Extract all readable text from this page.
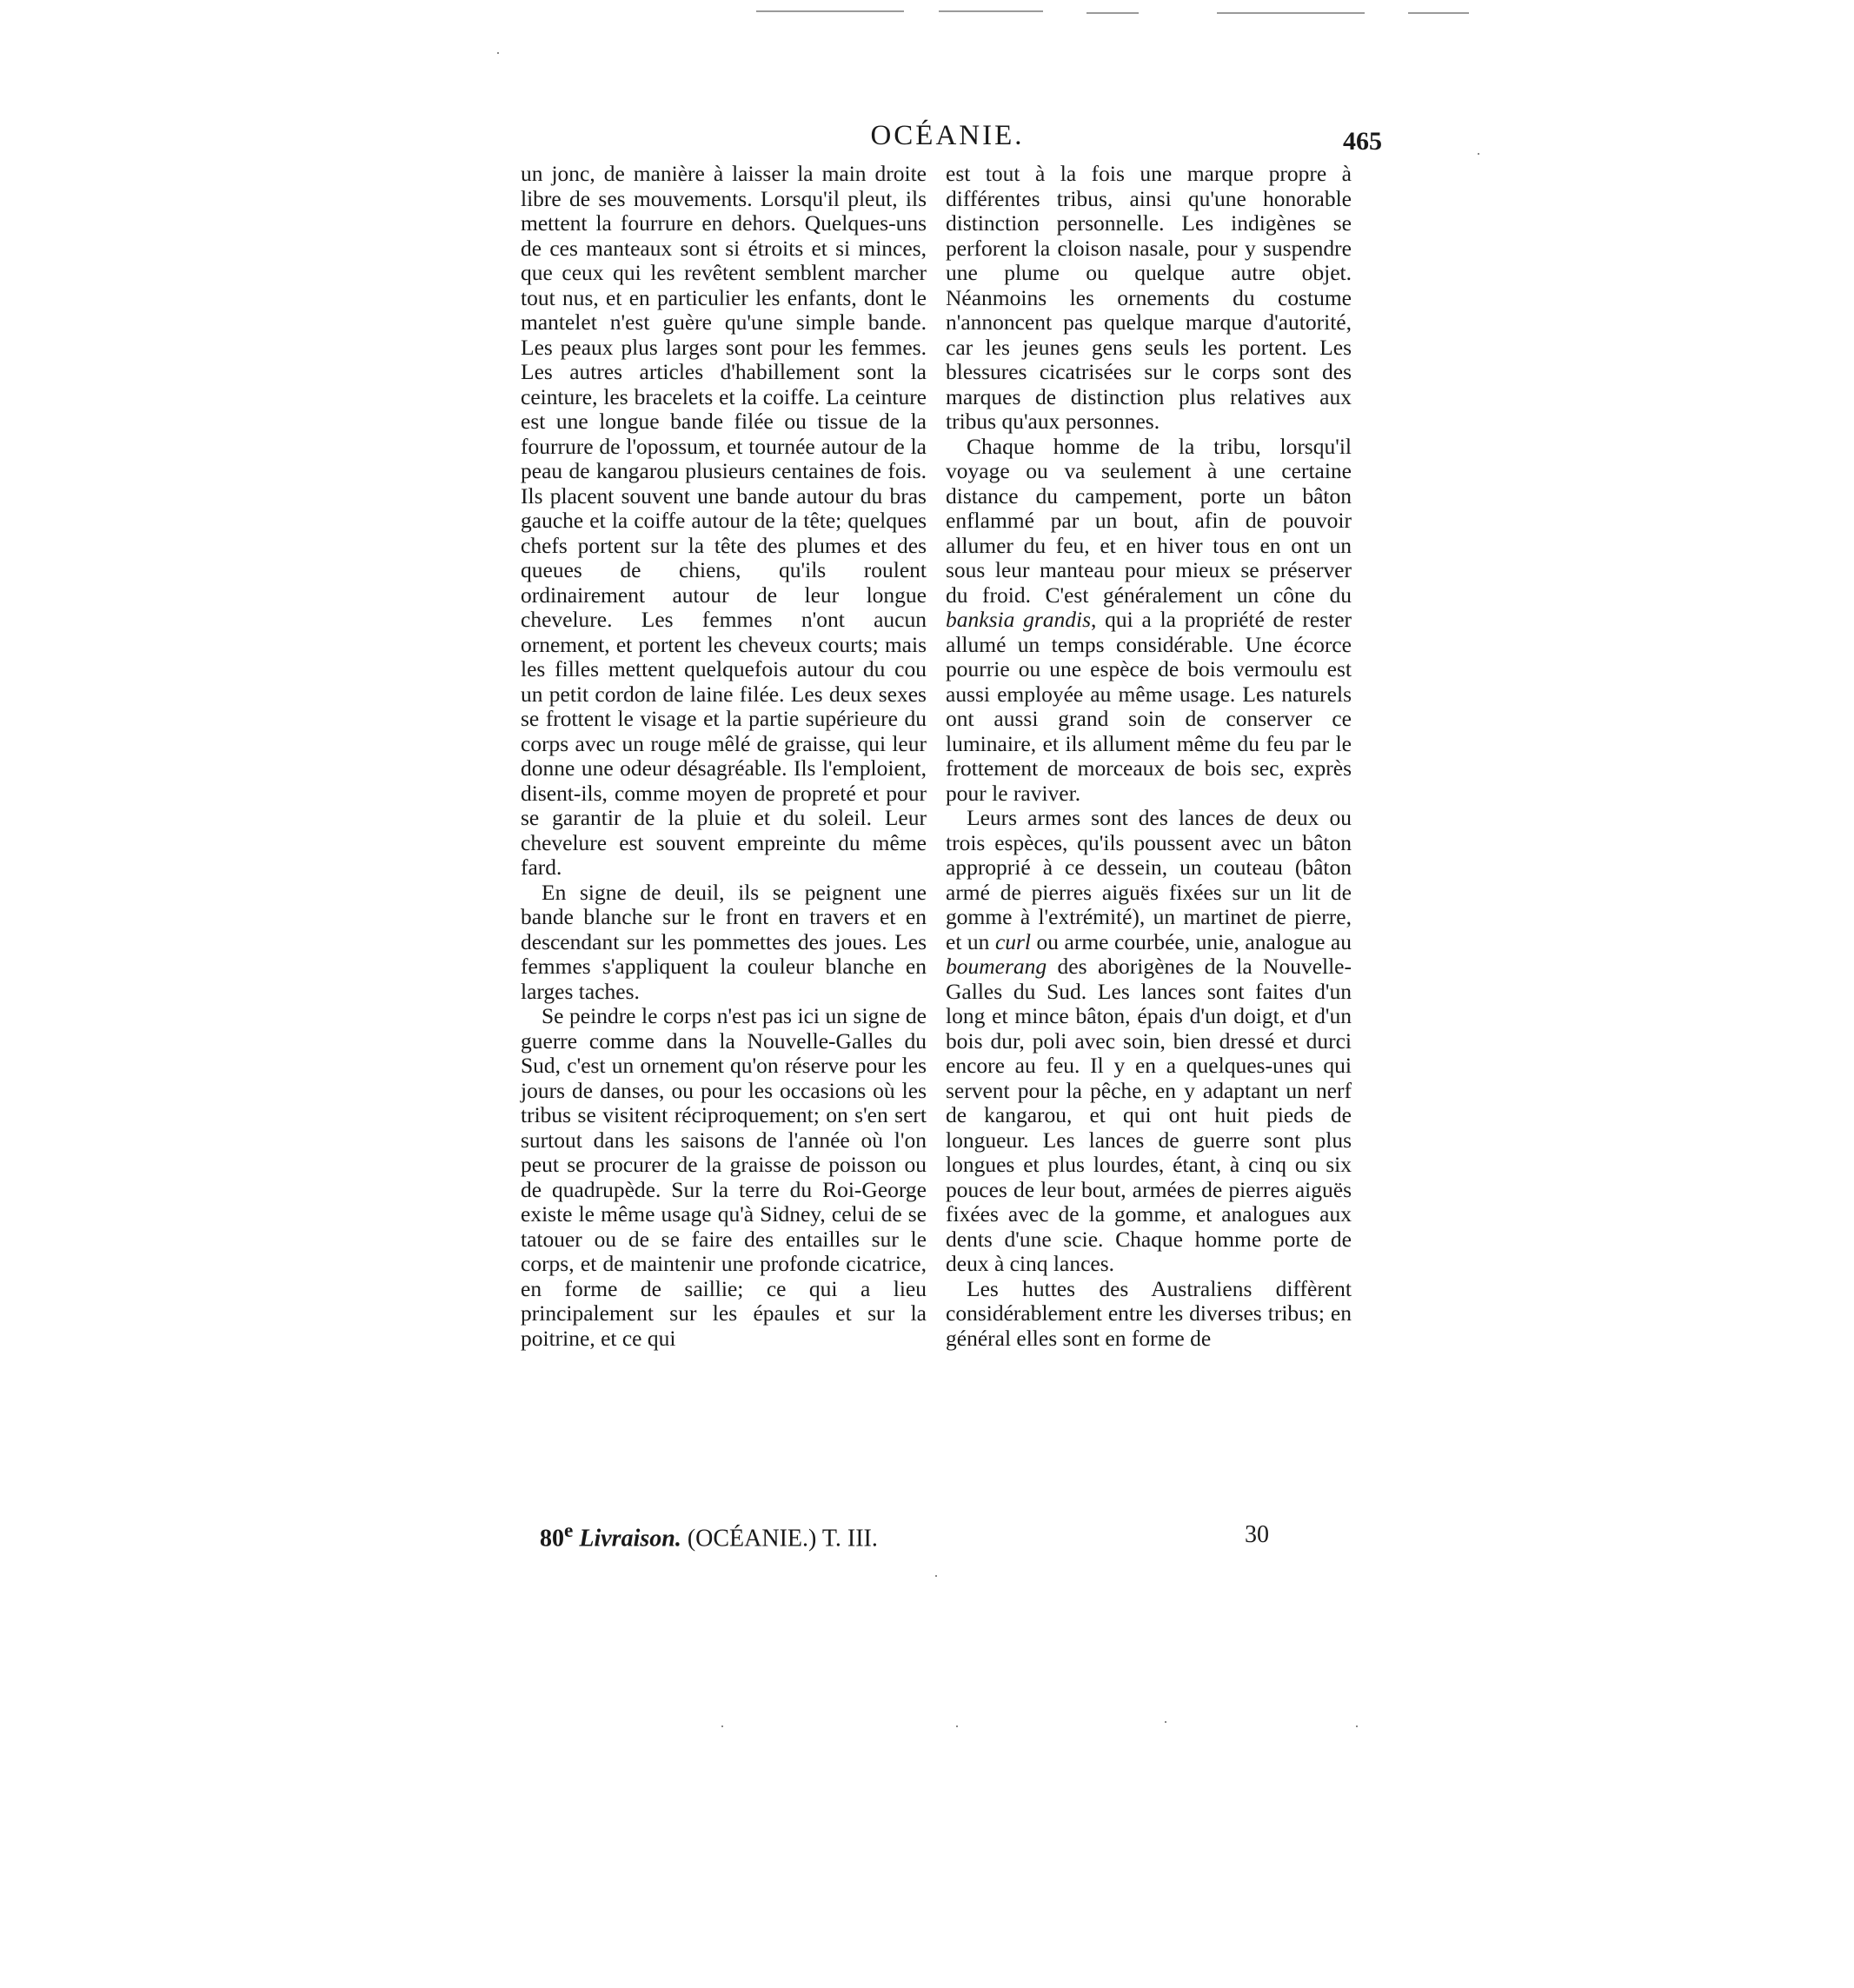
OCÉANIE.	465

un jonc, de manière à laisser la main droite libre de ses mouvements. Lorsqu'il pleut, ils mettent la fourrure en dehors. Quelques-uns de ces manteaux sont si étroits et si minces, que ceux qui les revêtent semblent marcher tout nus, et en particulier les enfants, dont le mantelet n'est guère qu'une simple bande. Les peaux plus larges sont pour les femmes. Les autres articles d'habillement sont la ceinture, les bracelets et la coiffe. La ceinture est une longue bande filée ou tissue de la fourrure de l'opossum, et tournée autour de la peau de kangarou plusieurs centaines de fois. Ils placent souvent une bande autour du bras gauche et la coiffe autour de la tête; quelques chefs portent sur la tête des plumes et des queues de chiens, qu'ils roulent ordinairement autour de leur longue chevelure. Les femmes n'ont aucun ornement, et portent les cheveux courts; mais les filles mettent quelquefois autour du cou un petit cordon de laine filée. Les deux sexes se frottent le visage et la partie supérieure du corps avec un rouge mêlé de graisse, qui leur donne une odeur désagréable. Ils l'emploient, disent-ils, comme moyen de propreté et pour se garantir de la pluie et du soleil. Leur chevelure est souvent empreinte du même fard.

En signe de deuil, ils se peignent une bande blanche sur le front en travers et en descendant sur les pommettes des joues. Les femmes s'appliquent la couleur blanche en larges taches.

Se peindre le corps n'est pas ici un signe de guerre comme dans la Nouvelle-Galles du Sud, c'est un ornement qu'on réserve pour les jours de danses, ou pour les occasions où les tribus se visitent réciproquement; on s'en sert surtout dans les saisons de l'année où l'on peut se procurer de la graisse de poisson ou de quadrupède. Sur la terre du Roi-George existe le même usage qu'à Sidney, celui de se tatouer ou de se faire des entailles sur le corps, et de maintenir une profonde cicatrice, en forme de saillie; ce qui a lieu principalement sur les épaules et sur la poitrine, et ce qui

est tout à la fois une marque propre à différentes tribus, ainsi qu'une honorable distinction personnelle. Les indigènes se perforent la cloison nasale, pour y suspendre une plume ou quelque autre objet. Néanmoins les ornements du costume n'annoncent pas quelque marque d'autorité, car les jeunes gens seuls les portent. Les blessures cicatrisées sur le corps sont des marques de distinction plus relatives aux tribus qu'aux personnes.

Chaque homme de la tribu, lorsqu'il voyage ou va seulement à une certaine distance du campement, porte un bâton enflammé par un bout, afin de pouvoir allumer du feu, et en hiver tous en ont un sous leur manteau pour mieux se préserver du froid. C'est généralement un cône du banksia grandis, qui a la propriété de rester allumé un temps considérable. Une écorce pourrie ou une espèce de bois vermoulu est aussi employée au même usage. Les naturels ont aussi grand soin de conserver ce luminaire, et ils allument même du feu par le frottement de morceaux de bois sec, exprès pour le raviver.

Leurs armes sont des lances de deux ou trois espèces, qu'ils poussent avec un bâton approprié à ce dessein, un couteau (bâton armé de pierres aiguës fixées sur un lit de gomme à l'extrémité), un martinet de pierre, et un curl ou arme courbée, unie, analogue au boumerang des aborigènes de la Nouvelle-Galles du Sud. Les lances sont faites d'un long et mince bâton, épais d'un doigt, et d'un bois dur, poli avec soin, bien dressé et durci encore au feu. Il y en a quelques-unes qui servent pour la pêche, en y adaptant un nerf de kangarou, et qui ont huit pieds de longueur. Les lances de guerre sont plus longues et plus lourdes, étant, à cinq ou six pouces de leur bout, armées de pierres aiguës fixées avec de la gomme, et analogues aux dents d'une scie. Chaque homme porte de deux à cinq lances.

Les huttes des Australiens diffèrent considérablement entre les diverses tribus; en général elles sont en forme de

80e Livraison. (OCÉANIE.) T. III.	30
